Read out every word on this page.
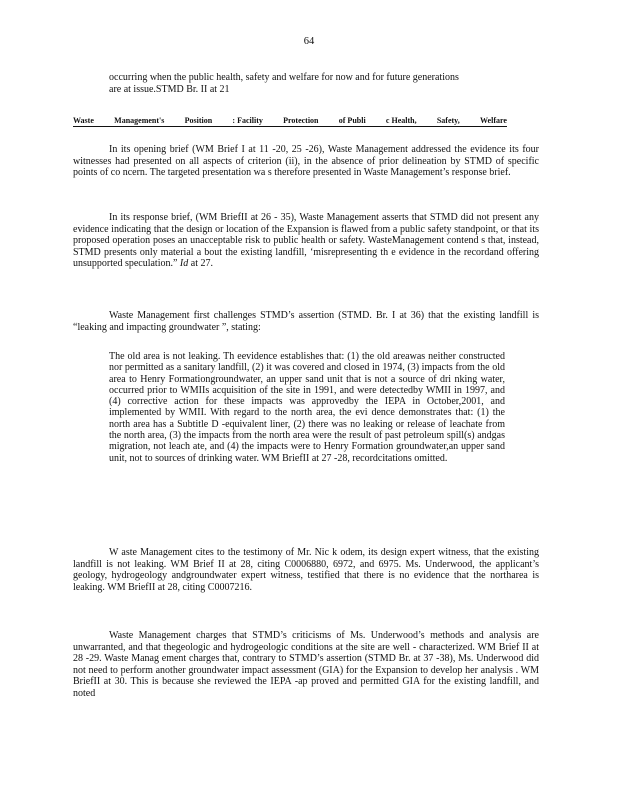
64
occurring when the public health, safety and welfare for now and for future generations are at issue.STMD Br. II at 21
Waste	Management's	Position	: Facility	Protection	of Publi	c Health,	Safety,	Welfare

In its opening brief (WM Brief I at 11 -20, 25 -26), Waste Management addressed the evidence its four witnesses had presented on all aspects of criterion (ii), in the absence of prior delineation by STMD of specific points of co ncern. The targeted presentation wa s therefore presented in Waste Management’s response brief.

In its response brief, (WM BriefII at 26 - 35), Waste Management asserts that STMD did not present any evidence indicating that the design or location of the Expansion is flawed from a public safety standpoint, or that its proposed operation poses an unacceptable risk to public health or safety. WasteManagement contend s that, instead, STMD presents only material a bout the existing landfill, ‘misrepresenting th e evidence in the recordand offering unsupported speculation.” Id at 27.

Waste Management first challenges STMD’s assertion (STMD. Br. I at 36) that the existing landfill is “leaking and impacting groundwater ”, stating:

The old area is not leaking. Th eevidence establishes that: (1) the old areawas neither constructed nor permitted as a sanitary landfill, (2) it was covered and closed in 1974, (3) impacts from the old area to Henry Formationgroundwater, an upper sand unit that is not a source of dri nking water, occurred prior to WMIIs acquisition of the site in 1991, and were detectedby WMII in 1997, and (4) corrective action for these impacts was approvedby the IEPA in October,2001, and implemented by WMII. With regard to the north area, the evi dence demonstrates that: (1) the north area has a Subtitle D -equivalent liner, (2) there was no leaking or release of leachate from the north area, (3) the impacts from the north area were the result of past petroleum spill(s) andgas migration, not leach ate, and (4) the impacts were to Henry Formation groundwater,an upper sand unit, not to sources of drinking water. WM BriefII at 27 -28, recordcitations omitted.

W aste Management cites to the testimony of Mr. Nic k odem, its design expert witness, that the existing landfill is not leaking. WM Brief II at 28, citing C0006880, 6972, and 6975. Ms. Underwood, the applicant’s geology, hydrogeology andgroundwater expert witness, testified that there is no evidence that the northarea is leaking. WM BriefII at 28, citing C0007216.

Waste Management charges that STMD’s criticisms of Ms. Underwood’s methods and analysis are unwarranted, and that thegeologic and hydrogeologic conditions at the site are well - characterized. WM Brief II at 28 -29. Waste Manag ement charges that, contrary to STMD’s assertion (STMD Br. at 37 -38), Ms. Underwood did not need to perform another groundwater impact assessment (GIA) for the Expansion to develop her analysis . WM BriefII at 30. This is because she reviewed the IEPA -ap proved and permitted GIA for the existing landfill, and noted
